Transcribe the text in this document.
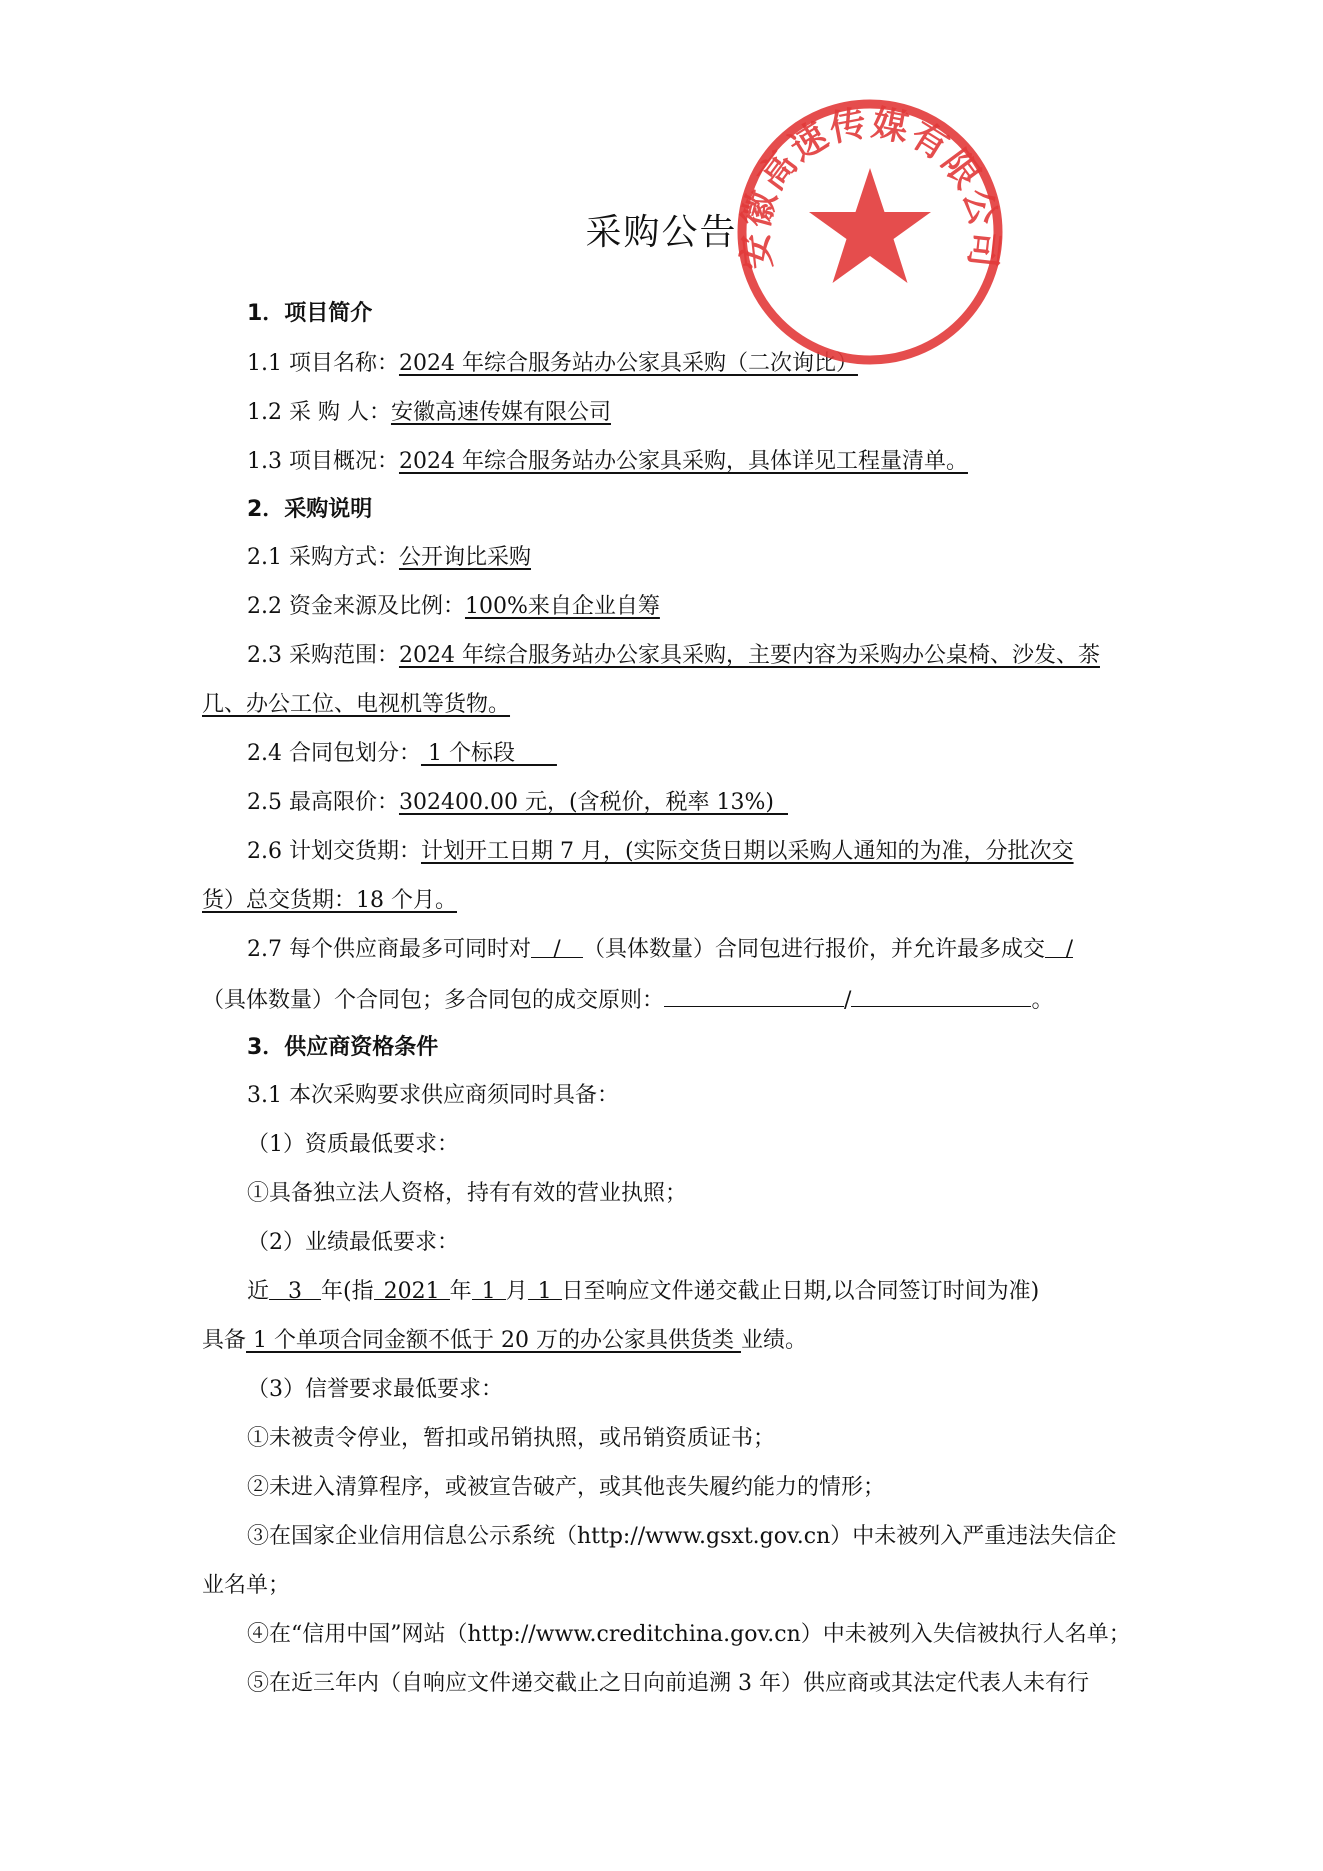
采购公告
1．项目简介
1.1 项目名称：2024 年综合服务站办公家具采购（二次询比）
1.2 采 购 人：安徽高速传媒有限公司
1.3 项目概况：2024 年综合服务站办公家具采购，具体详见工程量清单。
2．采购说明
2.1 采购方式：公开询比采购
2.2 资金来源及比例：100%来自企业自筹
2.3 采购范围：2024 年综合服务站办公家具采购，主要内容为采购办公桌椅、沙发、茶
几、办公工位、电视机等货物。
2.4 合同包划分： 1 个标段
2.5 最高限价：302400.00 元，(含税价，税率 13%)
2.6 计划交货期：计划开工日期 7 月，(实际交货日期以采购人通知的为准，分批次交
货）总交货期：18 个月。
2.7 每个供应商最多可同时对 / （具体数量）合同包进行报价，并允许最多成交 /
（具体数量）个合同包；多合同包的成交原则：	/	。
3．供应商资格条件
3.1 本次采购要求供应商须同时具备：
（1）资质最低要求：
①具备独立法人资格，持有有效的营业执照；
（2）业绩最低要求：
近 3 年(指 2021 年 1 月 1 日至响应文件递交截止日期,以合同签订时间为准)
具备 1 个单项合同金额不低于 20 万的办公家具供货类 业绩。
（3）信誉要求最低要求：
①未被责令停业，暂扣或吊销执照，或吊销资质证书；
②未进入清算程序，或被宣告破产，或其他丧失履约能力的情形；
③在国家企业信用信息公示系统（http://www.gsxt.gov.cn）中未被列入严重违法失信企
业名单；
④在“信用中国”网站（http://www.creditchina.gov.cn）中未被列入失信被执行人名单；
⑤在近三年内（自响应文件递交截止之日向前追溯 3 年）供应商或其法定代表人未有行
安徽高速传媒有限公司
